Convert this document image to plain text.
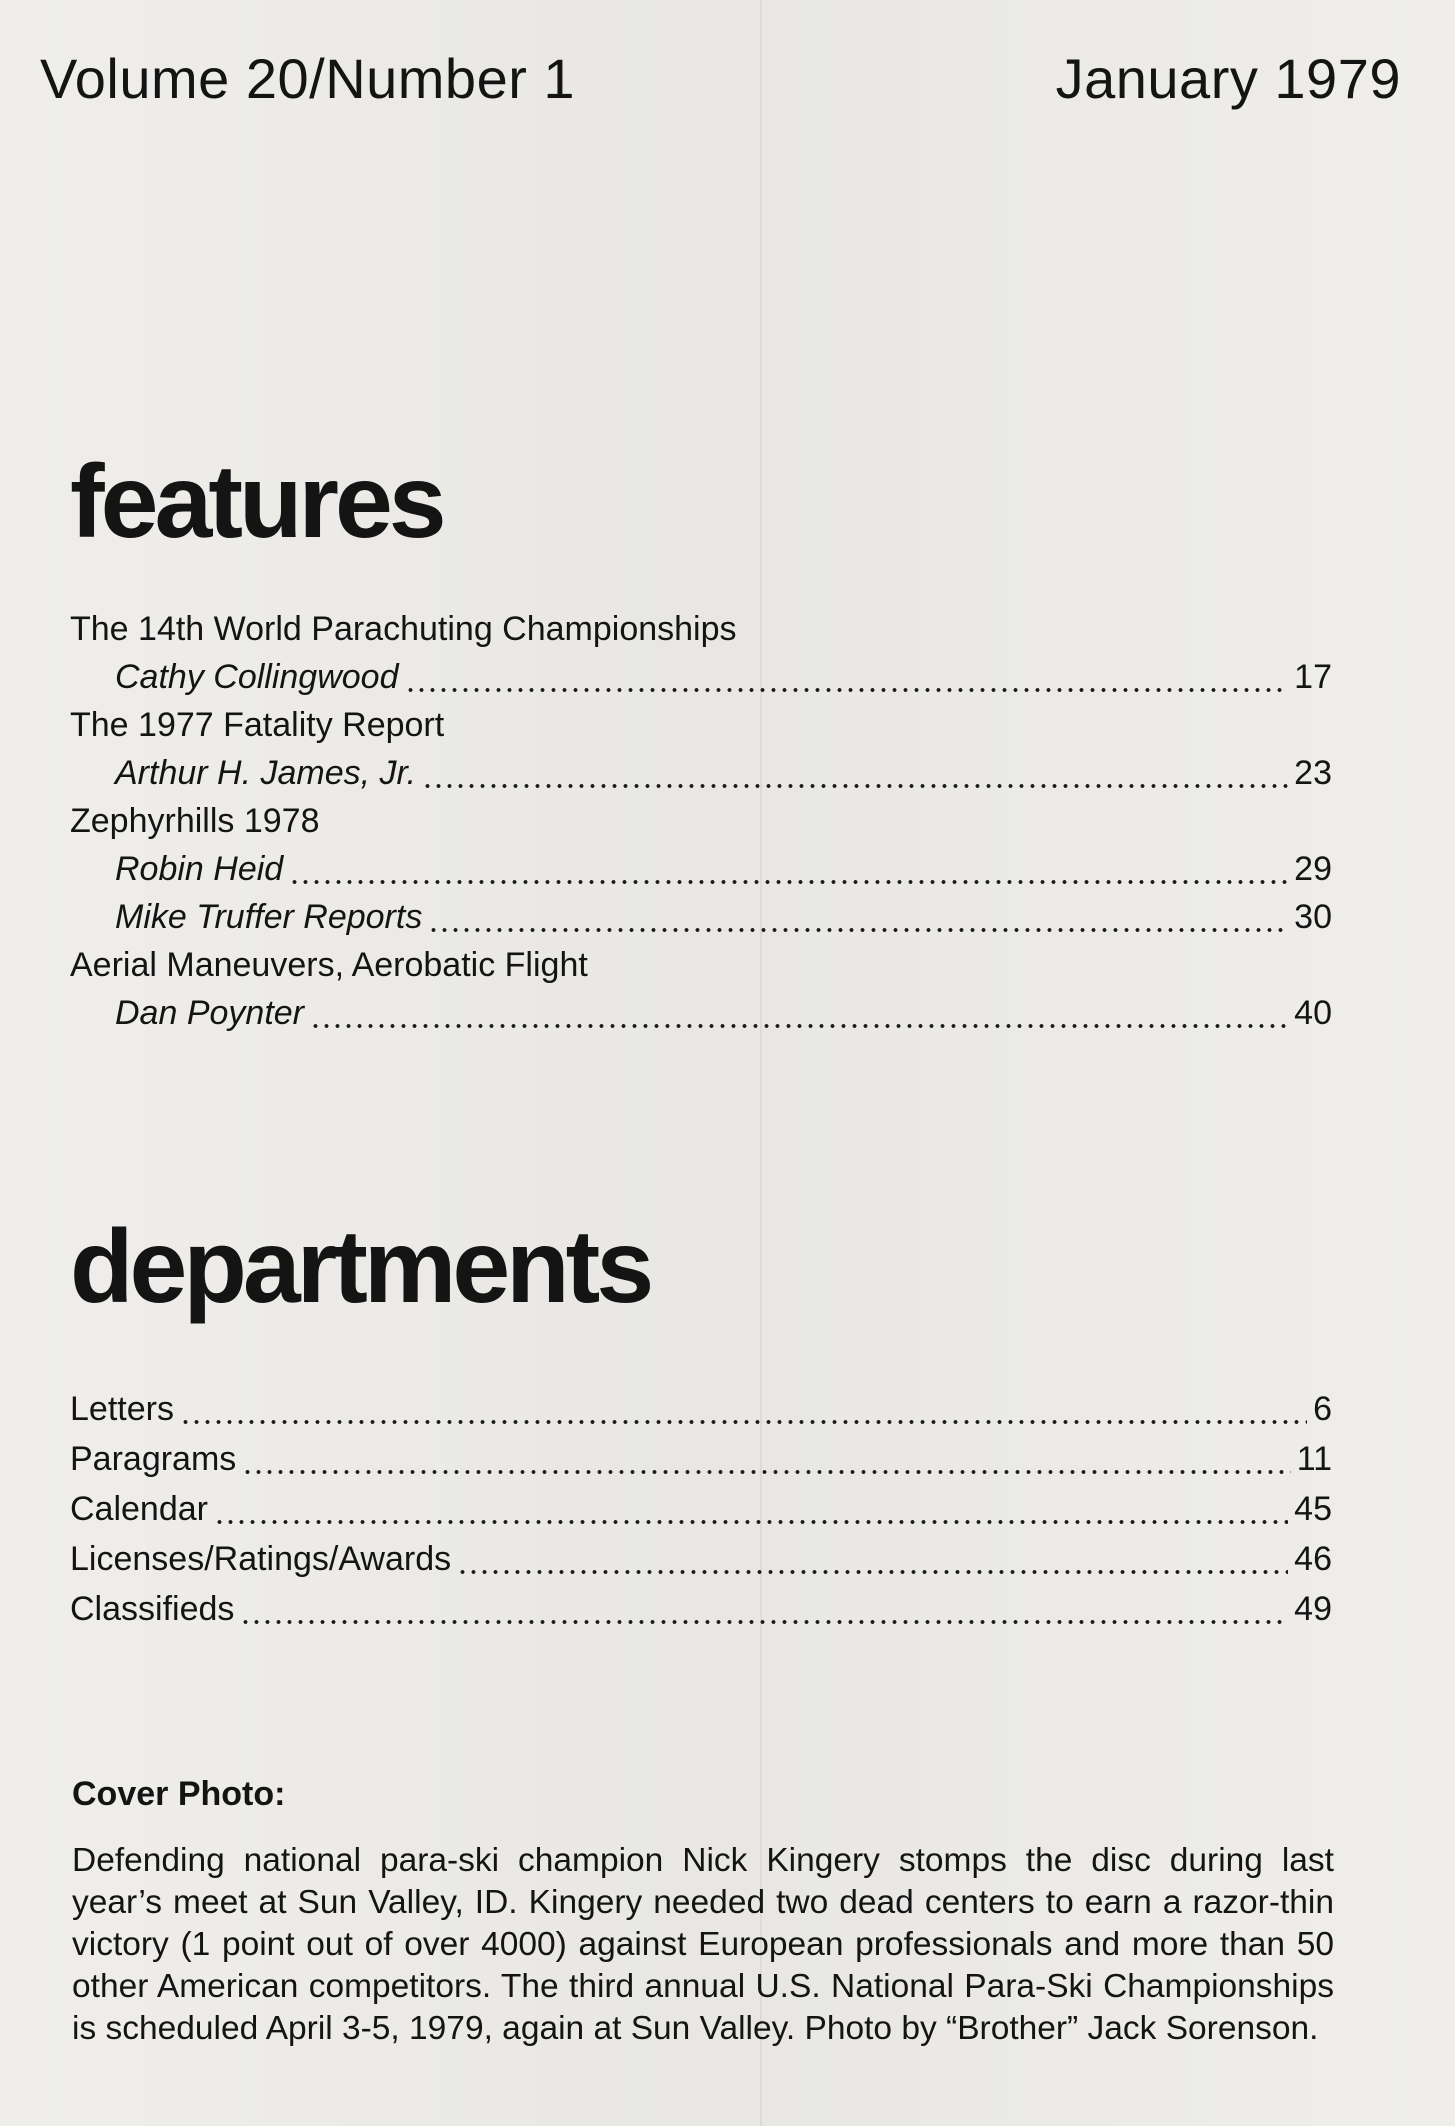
Volume 20/Number 1	January 1979
features
The 14th World Parachuting Championships
Cathy Collingwood	17
The 1977 Fatality Report
Arthur H. James, Jr.	23
Zephyrhills 1978
Robin Heid	29
Mike Truffer Reports	30
Aerial Maneuvers, Aerobatic Flight
Dan Poynter	40
departments
Letters	6
Paragrams	11
Calendar	45
Licenses/Ratings/Awards	46
Classifieds	49
Cover Photo:

Defending national para-ski champion Nick Kingery stomps the disc during last year’s meet at Sun Valley, ID. Kingery needed two dead centers to earn a razor-thin victory (1 point out of over 4000) against European professionals and more than 50 other American competitors. The third annual U.S. National Para-Ski Championships is scheduled April 3-5, 1979, again at Sun Valley. Photo by “Brother” Jack Sorenson.
